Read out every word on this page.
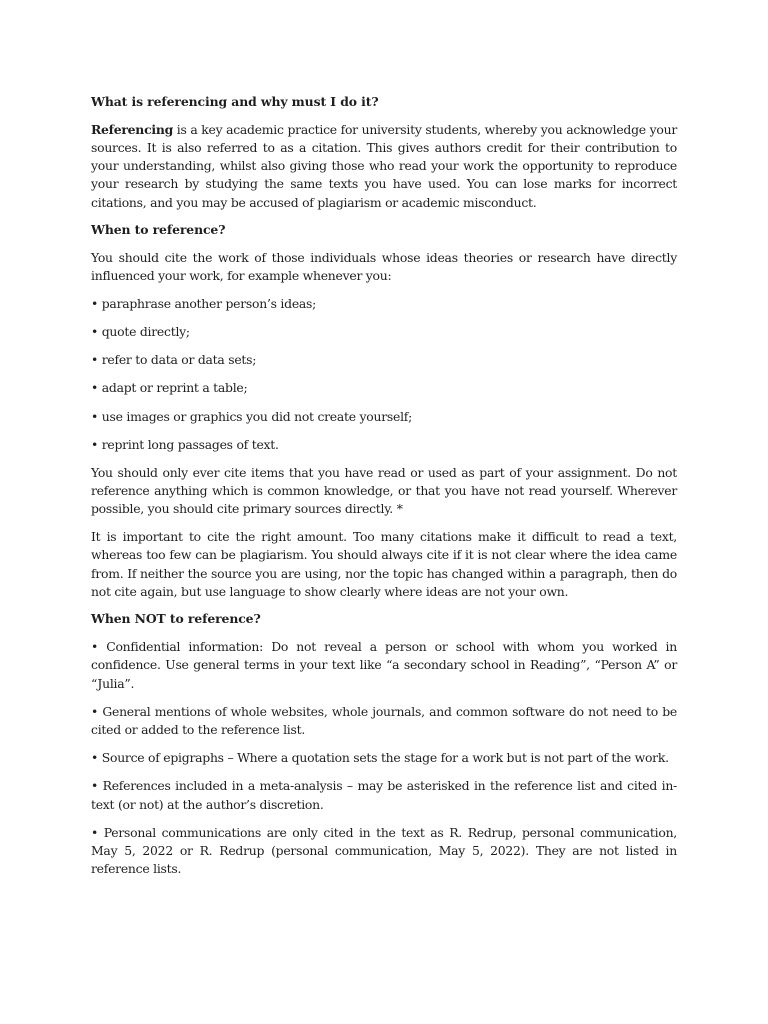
What is referencing and why must I do it?

Referencing is a key academic practice for university students, whereby you acknowledge your sources. It is also referred to as a citation. This gives authors credit for their contribution to your understanding, whilst also giving those who read your work the opportunity to reproduce your research by studying the same texts you have used. You can lose marks for incorrect citations, and you may be accused of plagiarism or academic misconduct.

When to reference?

You should cite the work of those individuals whose ideas theories or research have directly influenced your work, for example whenever you:

• paraphrase another person’s ideas;

• quote directly;

• refer to data or data sets;

• adapt or reprint a table;

• use images or graphics you did not create yourself;

• reprint long passages of text.

You should only ever cite items that you have read or used as part of your assignment. Do not reference anything which is common knowledge, or that you have not read yourself. Wherever possible, you should cite primary sources directly. *

It is important to cite the right amount. Too many citations make it difficult to read a text, whereas too few can be plagiarism. You should always cite if it is not clear where the idea came from. If neither the source you are using, nor the topic has changed within a paragraph, then do not cite again, but use language to show clearly where ideas are not your own.

When NOT to reference?

• Confidential information: Do not reveal a person or school with whom you worked in confidence. Use general terms in your text like “a secondary school in Reading”, “Person A” or “Julia”.

• General mentions of whole websites, whole journals, and common software do not need to be cited or added to the reference list.

• Source of epigraphs – Where a quotation sets the stage for a work but is not part of the work.

• References included in a meta-analysis – may be asterisked in the reference list and cited in-text (or not) at the author’s discretion.

• Personal communications are only cited in the text as R. Redrup, personal communication, May 5, 2022 or R. Redrup (personal communication, May 5, 2022). They are not listed in reference lists.
